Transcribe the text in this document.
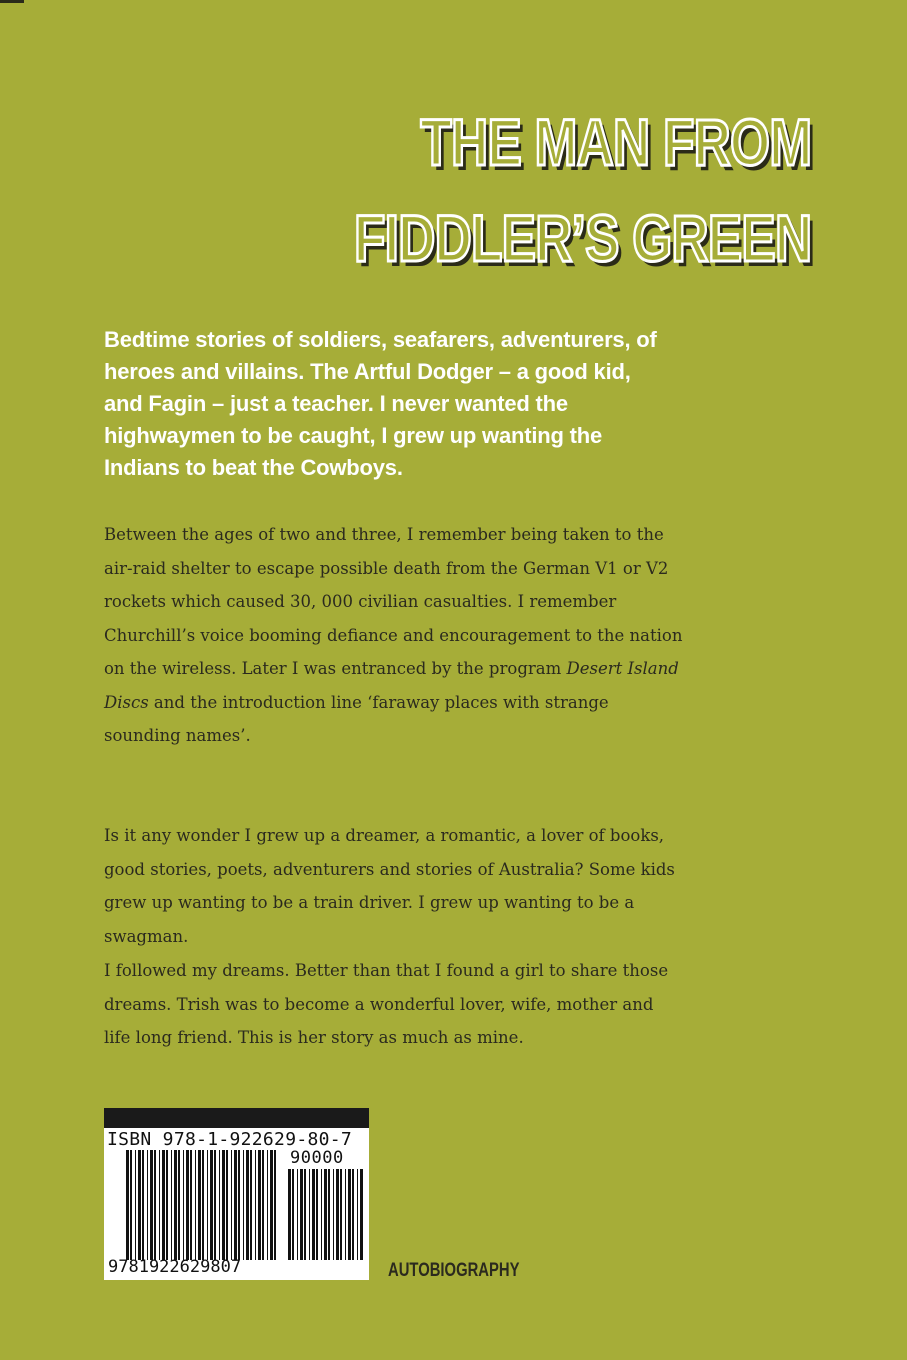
THE MAN FROM
FIDDLER’S GREEN

Bedtime stories of soldiers, seafarers, adventurers, of heroes and villains. The Artful Dodger – a good kid, and Fagin – just a teacher. I never wanted the highwaymen to be caught, I grew up wanting the Indians to beat the Cowboys.

Between the ages of two and three, I remember being taken to the air-raid shelter to escape possible death from the German V1 or V2 rockets which caused 30, 000 civilian casualties. I remember Churchill’s voice booming defiance and encouragement to the nation on the wireless. Later I was entranced by the program Desert Island Discs and the introduction line ‘faraway places with strange sounding names’.

Is it any wonder I grew up a dreamer, a romantic, a lover of books, good stories, poets, adventurers and stories of Australia? Some kids grew up wanting to be a train driver. I grew up wanting to be a swagman.

I followed my dreams. Better than that I found a girl to share those dreams. Trish was to become a wonderful lover, wife, mother and life long friend. This is her story as much as mine.

ISBN 978-1-922629-80-7
90000
9781922629807	AUTOBIOGRAPHY
